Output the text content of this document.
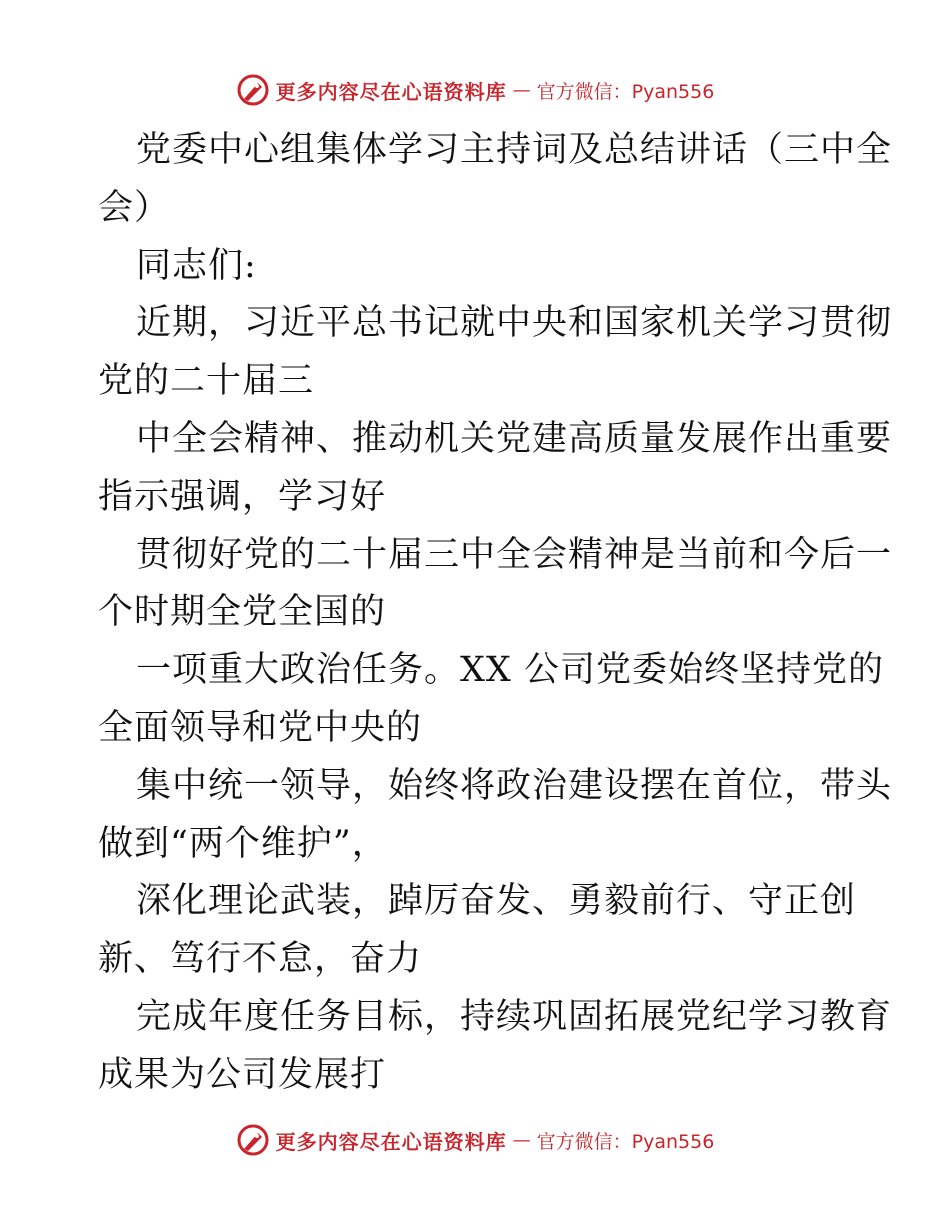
更多内容尽在心语资料库 — 官方微信：Pyan556
党委中心组集体学习主持词及总结讲话（三中全
会）
同志们:
近期，习近平总书记就中央和国家机关学习贯彻
党的二十届三
中全会精神、推动机关党建高质量发展作出重要
指示强调，学习好
贯彻好党的二十届三中全会精神是当前和今后一
个时期全党全国的
一项重大政治任务。XX 公司党委始终坚持党的
全面领导和党中央的
集中统一领导，始终将政治建设摆在首位，带头
做到“两个维护”，
深化理论武装，踔厉奋发、勇毅前行、守正创
新、笃行不怠，奋力
完成年度任务目标，持续巩固拓展党纪学习教育
成果为公司发展打
更多内容尽在心语资料库 — 官方微信：Pyan556
